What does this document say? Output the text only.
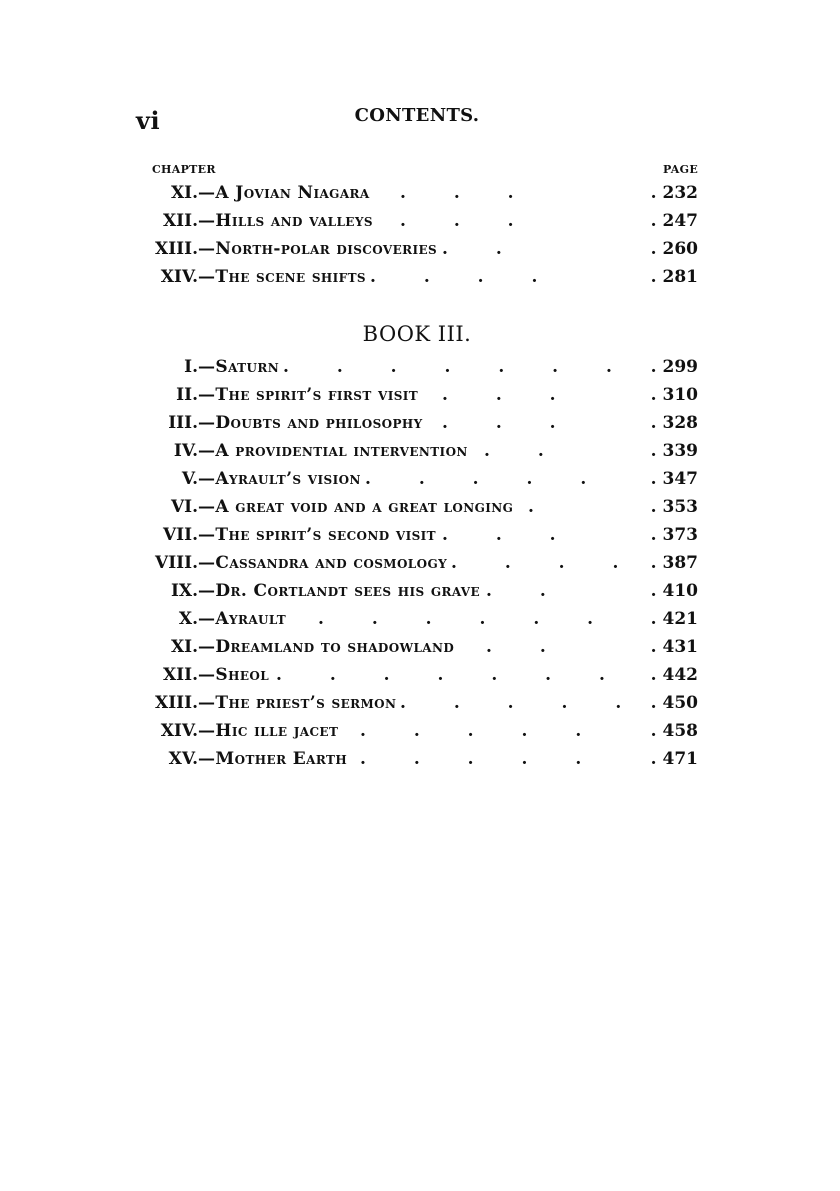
vi	CONTENTS.
CHAPTER	PAGE
XI. —A Jovian Niagara . . .	. 232
XII. —Hills and valleys . . .	. 247
XIII. —North-polar discoveries . .	. 260
XIV. —The scene shifts . . . .	. 281
BOOK III.
I. —Saturn . . . . . . . . 299
II. —The spirit’s first visit . . .	. 310
III. —Doubts and philosophy . . .	. 328
IV. —A providential intervention . .	. 339
V. —Ayrault’s vision . . . . .	. 347
VI. —A great void and a great longing .	. 353
VII. —The spirit’s second visit . . .	. 373
VIII. —Cassandra and cosmology . . . . . 387
IX. —Dr. Cortlandt sees his grave . .	. 410
X. —Ayrault . . . . . . . 421
XI. —Dreamland to shadowland . .	. 431
XII. —Sheol . . . . . . . . 442
XIII. —The priest’s sermon . . . . . . 450
XIV. —Hic ille jacet . . . . .	. 458
XV. —Mother Earth . . . . .	. 471
